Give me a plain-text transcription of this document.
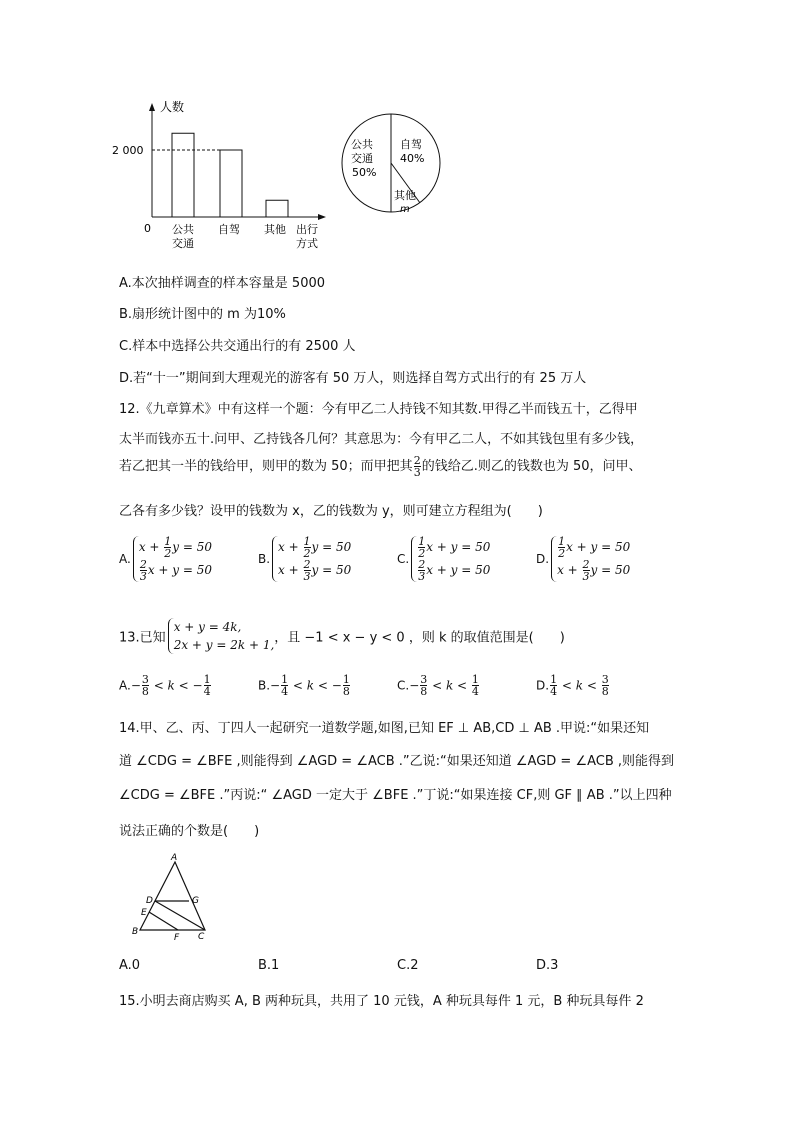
人数
2 000
0 公共
交通
自驾 其他 出行
方式
公共
交通
50%
自驾
40%
其他
m
A.本次抽样调查的样本容量是 5000
B.扇形统计图中的 m 为10%
C.样本中选择公共交通出行的有 2500 人
D.若“十一”期间到大理观光的游客有 50 万人，则选择自驾方式出行的有 25 万人
12.《九章算术》中有这样一个题：今有甲乙二人持钱不知其数.甲得乙半而钱五十，乙得甲
太半而钱亦五十.问甲、乙持钱各几何？其意思为：今有甲乙二人，不如其钱包里有多少钱，
若乙把其一半的钱给甲，则甲的数为 50；而甲把其 $\frac{2}{3}$ 的钱给乙.则乙的钱数也为 50，问甲、
乙各有多少钱？设甲的钱数为 x，乙的钱数为 y，则可建立方程组为(　　)
A.
$x + \frac{1}{2}$ y = 50
$\frac{2}{3}$ x + y = 50
B.
$x + \frac{1}{2}$ y = 50
$x + \frac{2}{3}$ y = 50
C. $\frac{1}{2}$ x + y = 50
$\frac{2}{3}$ x + y = 50
D. $\frac{1}{2}$ x + y = 50
$x + \frac{2}{3}$ y = 50
13.已知
x + y = 4k,
2x + y = 2k + 1, ，且 −1 < x − y < 0 ，则 k 的取值范围是(　　)
$A.- \frac{3}{8} < k$ < − $\frac{1}{4}$	$B.- \frac{1}{4} < k$ < − $\frac{1}{8}$	$C.- \frac{3}{8} < k < \frac{1}{4}$	D. $\frac{1}{4} < k < \frac{3}{8}$
14.甲、乙、丙、丁四人一起研究一道数学题,如图,已知 EF ⊥ AB,CD ⊥ AB .甲说:“如果还知
道 ∠CDG = ∠BFE ,则能得到 ∠AGD = ∠ACB .”乙说:“如果还知道 ∠AGD = ∠ACB ,则能得到
∠CDG = ∠BFE .”丙说:“ ∠AGD 一定大于 ∠BFE .”丁说:“如果连接 CF,则 GF ∥ AB .”以上四种
说法正确的个数是(　　)
A
B	C
D
E
F
G
A.0	B.1	C.2	D.3
15.小明去商店购买 A, B 两种玩具，共用了 10 元钱，A 种玩具每件 1 元，B 种玩具每件 2
